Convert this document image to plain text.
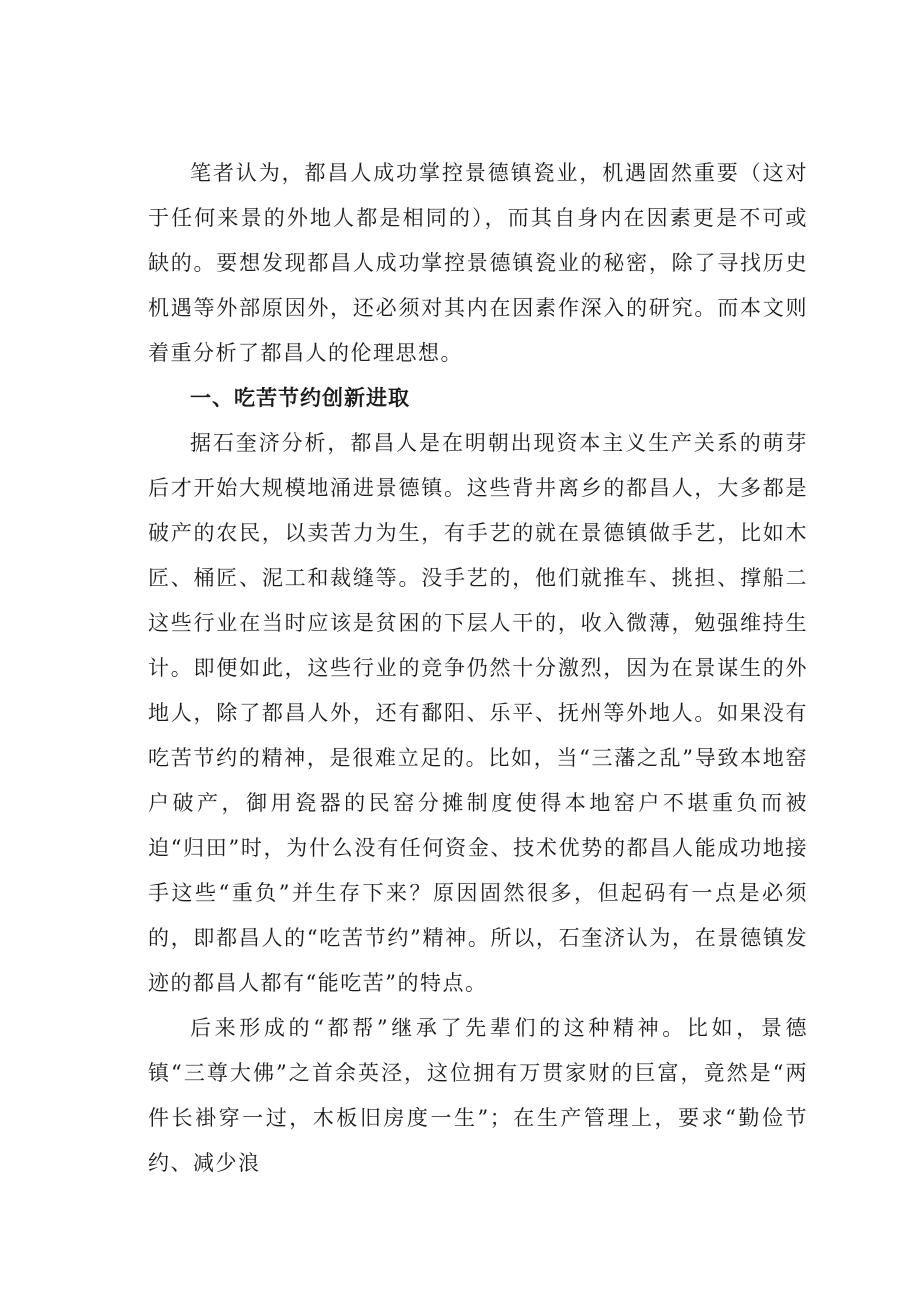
笔者认为，都昌人成功掌控景德镇瓷业，机遇固然重要（这对于任何来景的外地人都是相同的），而其自身内在因素更是不可或缺的。要想发现都昌人成功掌控景德镇瓷业的秘密，除了寻找历史机遇等外部原因外，还必须对其内在因素作深入的研究。而本文则着重分析了都昌人的伦理思想。

一、吃苦节约创新进取

据石奎济分析，都昌人是在明朝出现资本主义生产关系的萌芽后才开始大规模地涌进景德镇。这些背井离乡的都昌人，大多都是破产的农民，以卖苦力为生，有手艺的就在景德镇做手艺，比如木匠、桶匠、泥工和裁缝等。没手艺的，他们就推车、挑担、撑船二这些行业在当时应该是贫困的下层人干的，收入微薄，勉强维持生计。即便如此，这些行业的竞争仍然十分激烈，因为在景谋生的外地人，除了都昌人外，还有鄱阳、乐平、抚州等外地人。如果没有吃苦节约的精神，是很难立足的。比如，当“三藩之乱”导致本地窑户破产，御用瓷器的民窑分摊制度使得本地窑户不堪重负而被迫“归田”时，为什么没有任何资金、技术优势的都昌人能成功地接手这些“重负”并生存下来？原因固然很多，但起码有一点是必须的，即都昌人的“吃苦节约”精神。所以，石奎济认为，在景德镇发迹的都昌人都有“能吃苦”的特点。

后来形成的“都帮”继承了先辈们的这种精神。比如，景德镇“三尊大佛”之首余英泾，这位拥有万贯家财的巨富，竟然是“两件长褂穿一过，木板旧房度一生”；在生产管理上，要求“勤俭节约、减少浪
